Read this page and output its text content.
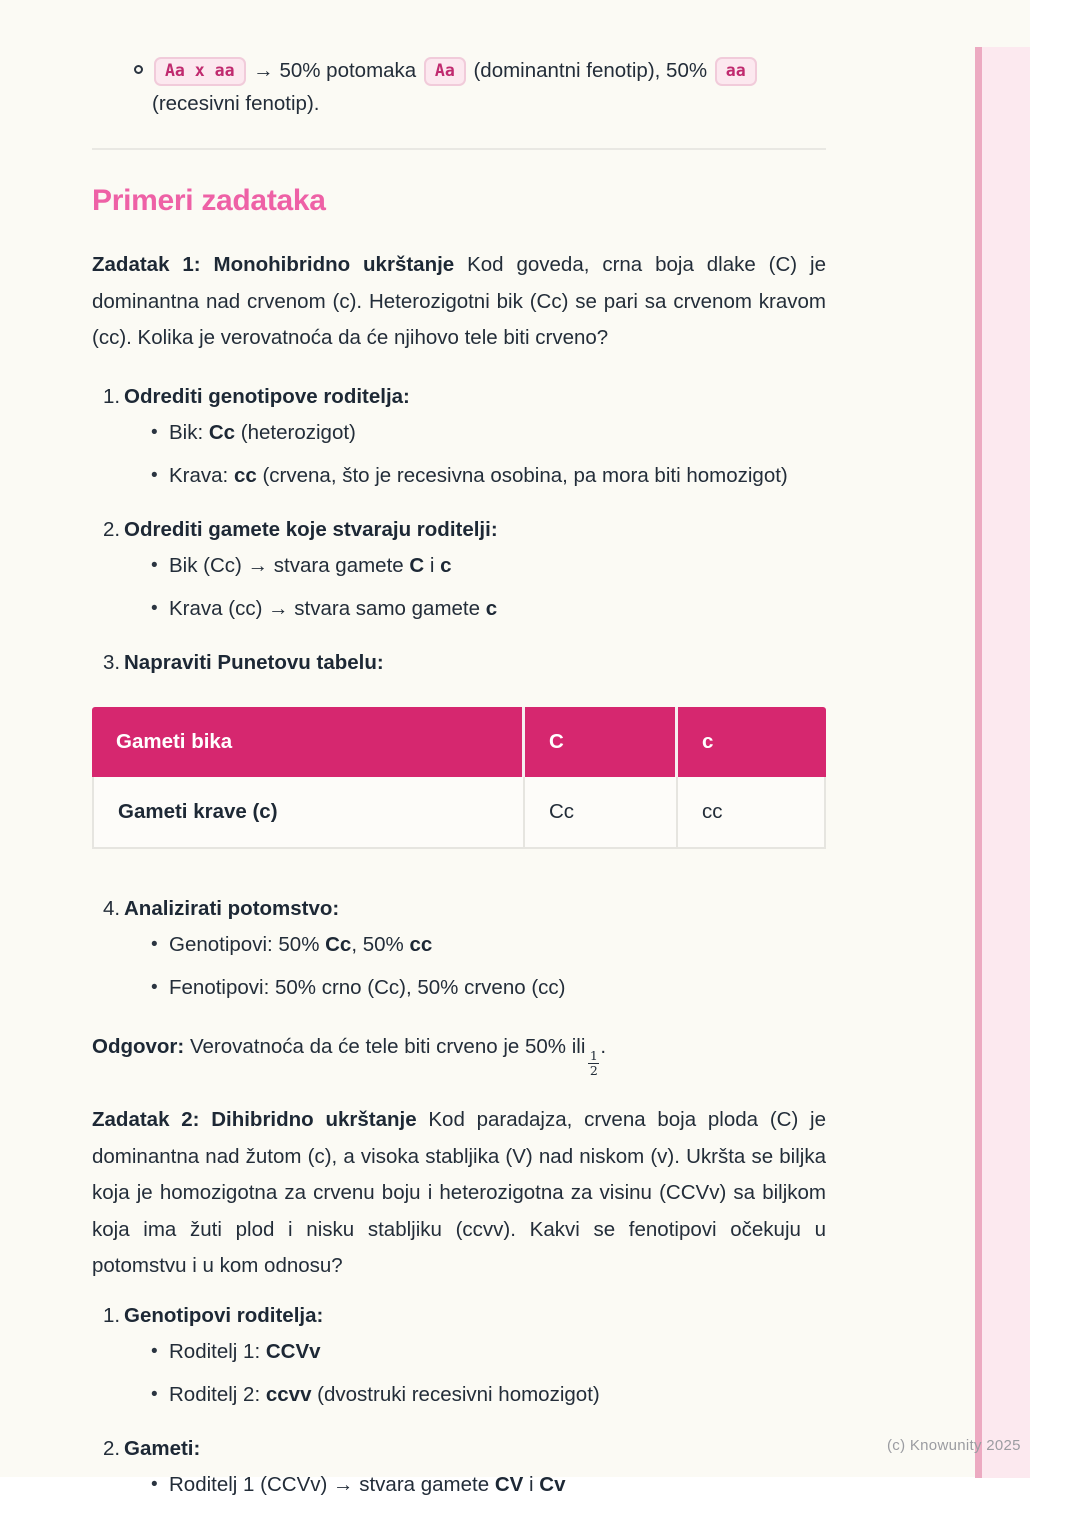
Aa x aa → 50% potomaka Aa (dominantni fenotip), 50% aa
(recesivni fenotip).
Primeri zadataka

Zadatak 1: Monohibridno ukrštanje Kod goveda, crna boja dlake (C) je dominantna nad crvenom (c). Heterozigotni bik (Cc) se pari sa crvenom kravom (cc). Kolika je verovatnoća da će njihovo tele biti crveno?

1. Odrediti genotipove roditelja:
• Bik: Cc (heterozigot)
• Krava: cc (crvena, što je recesivna osobina, pa mora biti homozigot)
2. Odrediti gamete koje stvaraju roditelji:
• Bik (Cc) → stvara gamete C i c
• Krava (cc) → stvara samo gamete c
3. Napraviti Punetovu tabelu:
Gameti bika	C	c
Gameti krave (c)	Cc	cc
4. Analizirati potomstvo:
• Genotipovi: 50% Cc, 50% cc
• Fenotipovi: 50% crno (Cc), 50% crveno (cc)

Odgovor: Verovatnoća da će tele biti crveno je 50% ili
$\frac{1}{2}$
.

Zadatak 2: Dihibridno ukrštanje Kod paradajza, crvena boja ploda (C) je dominantna nad žutom (c), a visoka stabljika (V) nad niskom (v). Ukršta se biljka koja je homozigotna za crvenu boju i heterozigotna za visinu (CCVv) sa biljkom koja ima žuti plod i nisku stabljiku (ccvv). Kakvi se fenotipovi očekuju u potomstvu i u kom odnosu?

1. Genotipovi roditelja:
• Roditelj 1: CCVv
• Roditelj 2: ccvv (dvostruki recesivni homozigot)
2. Gameti:
• Roditelj 1 (CCVv) → stvara gamete CV i Cv
(c) Knowunity 2025
